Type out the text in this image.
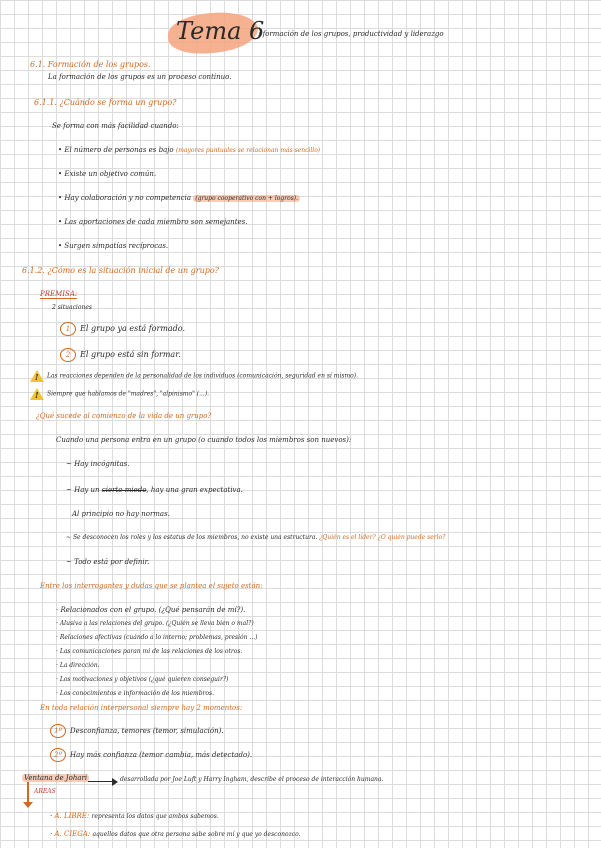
Tema 6
: formación de los grupos, productividad y liderazgo
6.1. Formación de los grupos.
La formación de los grupos es un proceso continuo.
6.1.1. ¿Cuándo se forma un grupo?
Se forma con más facilidad cuando:
• El número de personas es bajo (mayores puntuales se relacionan más sencillo)
• Existe un objetivo común.
• Hay colaboración y no competencia (grupo cooperativo con + logros).
• Las aportaciones de cada miembro son semejantes.
• Surgen simpatías recíprocas.
6.1.2. ¿Cómo es la situación inicial de un grupo?
PREMISA:
2 situaciones
1 El grupo ya está formado.
2 El grupo está sin formar.
!Las reacciones dependen de la personalidad de los individuos (comunicación, seguridad en sí mismo).
!Siempre que hablamos de "madres", "alpinismo" (...).
¿Qué sucede al comienzo de la vida de un grupo?
Cuando una persona entra en un grupo (o cuando todos los miembros son nuevos):
~ Hay incógnitas.
~ Hay un cierto miedo, hay una gran expectativa.
Al principio no hay normas.
~ Se desconocen los roles y los estatus de los miembros, no existe una estructura. ¿Quién es el líder? ¿O quién puede serlo?
~ Todo está por definir.
Entre los interrogantes y dudas que se plantea el sujeto están:
· Relacionados con el grupo. (¿Qué pensarán de mí?).
· Alusiva a las relaciones del grupo. (¿Quién se lleva bien o mal?)
· Relaciones afectivas (cuándo a lo interno; problemas, presión ...)
· Las comunicaciones paran mi de las relaciones de los otros.
· La dirección.
· Los motivaciones y objetivos (¿qué quieren conseguir?)
· Los conocimientos e información de los miembros.
En toda relación interpersonal siempre hay 2 momentos:
1º Desconfianza, temores (temor, simulación).
2º Hay más confianza (temor cambia, más detectado).
Ventana de Johari	desarrollada por Joe Luft y Harry Ingham, describe el proceso de interacción humana.
AREAS
· A. LIBRE: representa los datos que ambos sabemos.
· A. CIEGA: aquellos datos que otra persona sabe sobre mí y que yo desconozco.
